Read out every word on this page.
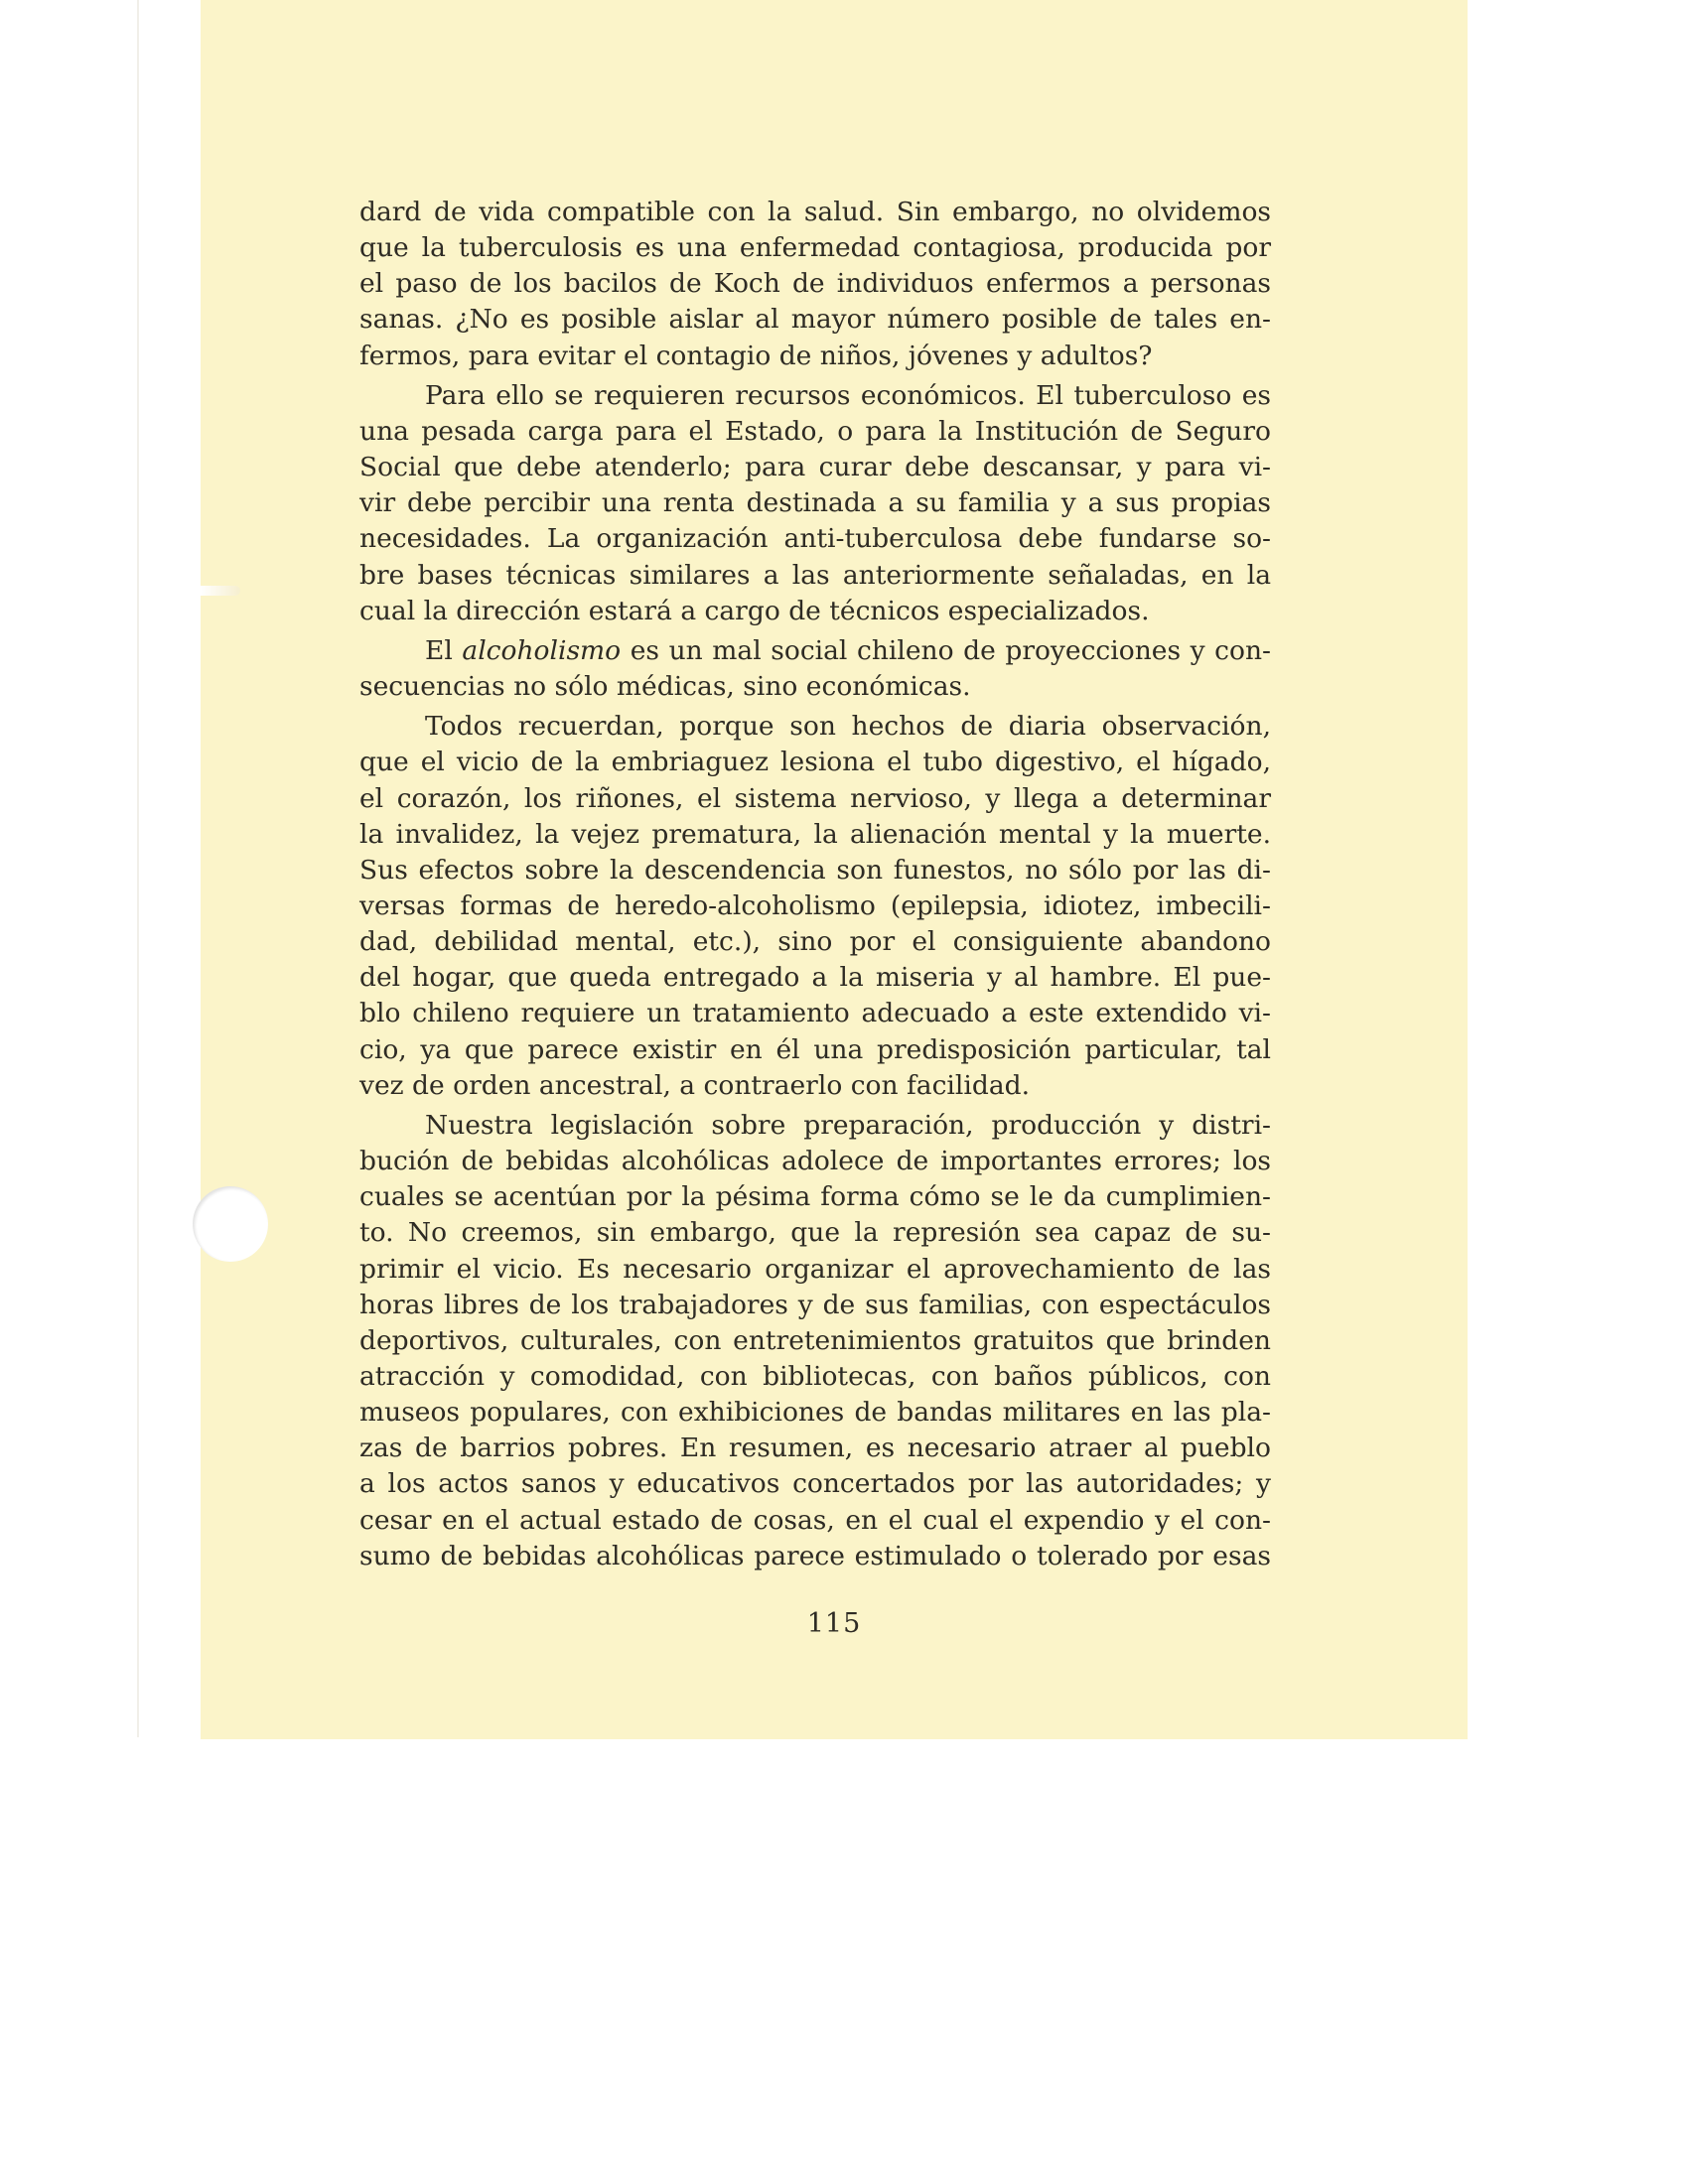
dard de vida compatible con la salud. Sin embargo, no olvidemos
que la tuberculosis es una enfermedad contagiosa, producida por
el paso de los bacilos de Koch de individuos enfermos a personas
sanas. ¿No es posible aislar al mayor número posible de tales en-
fermos, para evitar el contagio de niños, jóvenes y adultos?
Para ello se requieren recursos económicos. El tuberculoso es
una pesada carga para el Estado, o para la Institución de Seguro
Social que debe atenderlo; para curar debe descansar, y para vi-
vir debe percibir una renta destinada a su familia y a sus propias
necesidades. La organización anti-tuberculosa debe fundarse so-
bre bases técnicas similares a las anteriormente señaladas, en la
cual la dirección estará a cargo de técnicos especializados.
El alcoholismo es un mal social chileno de proyecciones y con-
secuencias no sólo médicas, sino económicas.
Todos recuerdan, porque son hechos de diaria observación,
que el vicio de la embriaguez lesiona el tubo digestivo, el hígado,
el corazón, los riñones, el sistema nervioso, y llega a determinar
la invalidez, la vejez prematura, la alienación mental y la muerte.
Sus efectos sobre la descendencia son funestos, no sólo por las di-
versas formas de heredo-alcoholismo (epilepsia, idiotez, imbecili-
dad, debilidad mental, etc.), sino por el consiguiente abandono
del hogar, que queda entregado a la miseria y al hambre. El pue-
blo chileno requiere un tratamiento adecuado a este extendido vi-
cio, ya que parece existir en él una predisposición particular, tal
vez de orden ancestral, a contraerlo con facilidad.
Nuestra legislación sobre preparación, producción y distri-
bución de bebidas alcohólicas adolece de importantes errores; los
cuales se acentúan por la pésima forma cómo se le da cumplimien-
to. No creemos, sin embargo, que la represión sea capaz de su-
primir el vicio. Es necesario organizar el aprovechamiento de las
horas libres de los trabajadores y de sus familias, con espectáculos
deportivos, culturales, con entretenimientos gratuitos que brinden
atracción y comodidad, con bibliotecas, con baños públicos, con
museos populares, con exhibiciones de bandas militares en las pla-
zas de barrios pobres. En resumen, es necesario atraer al pueblo
a los actos sanos y educativos concertados por las autoridades; y
cesar en el actual estado de cosas, en el cual el expendio y el con-
sumo de bebidas alcohólicas parece estimulado o tolerado por esas
115
